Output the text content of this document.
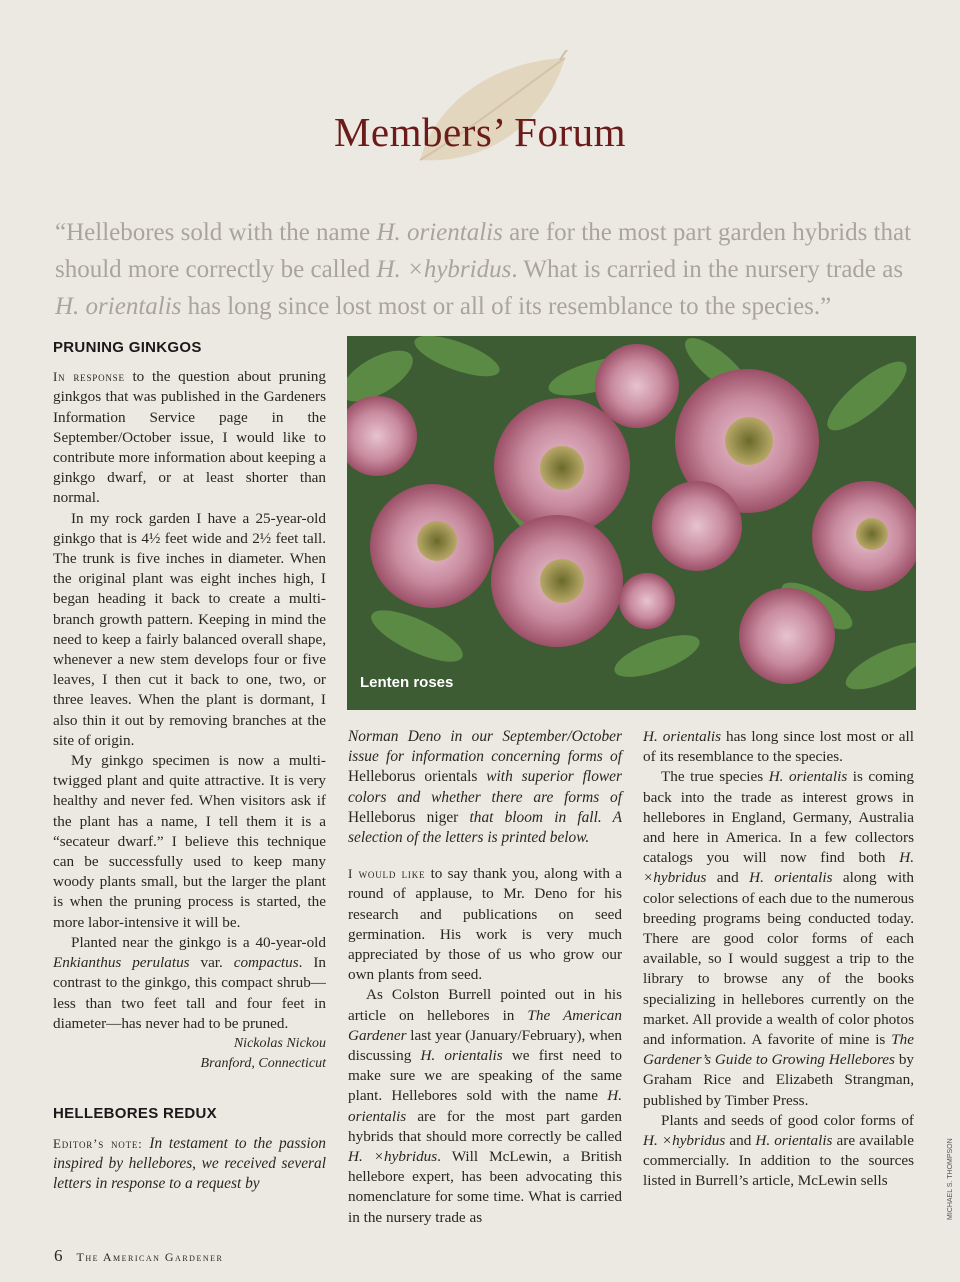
Members’ Forum
“Hellebores sold with the name H. orientalis are for the most part garden hybrids that should more correctly be called H. ×hybridus. What is carried in the nursery trade as H. orientalis has long since lost most or all of its resemblance to the species.”
PRUNING GINKGOS

In response to the question about pruning ginkgos that was published in the Gardeners Information Service page in the September/October issue, I would like to contribute more information about keeping a ginkgo dwarf, or at least shorter than normal.

In my rock garden I have a 25-year-old ginkgo that is 4½ feet wide and 2½ feet tall. The trunk is five inches in diameter. When the original plant was eight inches high, I began heading it back to create a multi-branch growth pattern. Keeping in mind the need to keep a fairly balanced overall shape, whenever a new stem develops four or five leaves, I then cut it back to one, two, or three leaves. When the plant is dormant, I also thin it out by removing branches at the site of origin.

My ginkgo specimen is now a multi-twigged plant and quite attractive. It is very healthy and never fed. When visitors ask if the plant has a name, I tell them it is a “secateur dwarf.” I believe this technique can be successfully used to keep many woody plants small, but the larger the plant is when the pruning process is started, the more labor-intensive it will be.

Planted near the ginkgo is a 40-year-old Enkianthus perulatus var. compactus. In contrast to the ginkgo, this compact shrub—less than two feet tall and four feet in diameter—has never had to be pruned.

Nickolas Nickou
Branford, Connecticut
HELLEBORES REDUX

Editor’s note: In testament to the passion inspired by hellebores, we received several letters in response to a request by

Lenten roses

Norman Deno in our September/October issue for information concerning forms of Helleborus orientals with superior flower colors and whether there are forms of Helleborus niger that bloom in fall. A selection of the letters is printed below.

I would like to say thank you, along with a round of applause, to Mr. Deno for his research and publications on seed germination. His work is very much appreciated by those of us who grow our own plants from seed.

As Colston Burrell pointed out in his article on hellebores in The American Gardener last year (January/February), when discussing H. orientalis we first need to make sure we are speaking of the same plant. Hellebores sold with the name H. orientalis are for the most part garden hybrids that should more correctly be called H. ×hybridus. Will McLewin, a British hellebore expert, has been advocating this nomenclature for some time. What is carried in the nursery trade as

H. orientalis has long since lost most or all of its resemblance to the species.

The true species H. orientalis is coming back into the trade as interest grows in hellebores in England, Germany, Australia and here in America. In a few collectors catalogs you will now find both H. ×hybridus and H. orientalis along with color selections of each due to the numerous breeding programs being conducted today. There are good color forms of each available, so I would suggest a trip to the library to browse any of the books specializing in hellebores currently on the market. All provide a wealth of color photos and information. A favorite of mine is The Gardener’s Guide to Growing Hellebores by Graham Rice and Elizabeth Strangman, published by Timber Press.

Plants and seeds of good color forms of H. ×hybridus and H. orientalis are available commercially. In addition to the sources listed in Burrell’s article, McLewin sells

6 The American Gardener
MICHAEL S. THOMPSON
